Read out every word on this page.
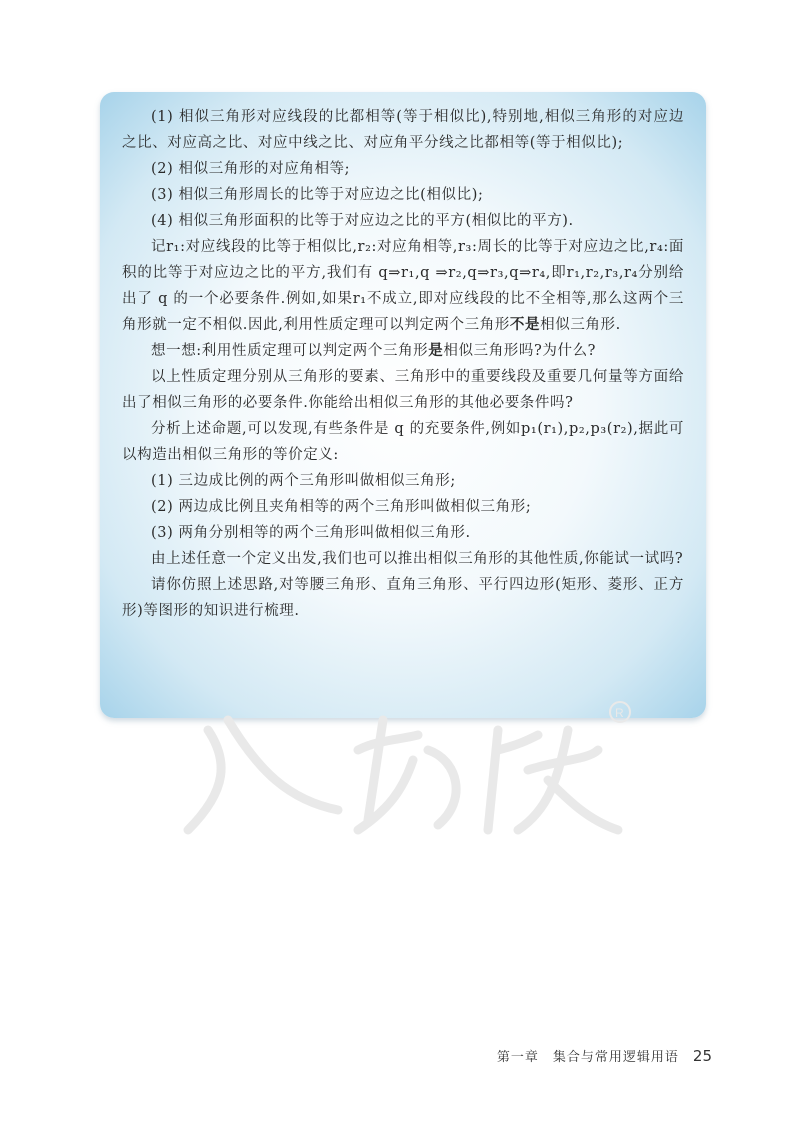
(1) 相似三角形对应线段的比都相等(等于相似比),特别地,相似三角形的对应边之比、对应高之比、对应中线之比、对应角平分线之比都相等(等于相似比);

(2) 相似三角形的对应角相等;

(3) 相似三角形周长的比等于对应边之比(相似比);

(4) 相似三角形面积的比等于对应边之比的平方(相似比的平方).

记r₁:对应线段的比等于相似比,r₂:对应角相等,r₃:周长的比等于对应边之比,r₄:面积的比等于对应边之比的平方,我们有 q⇒r₁,q ⇒r₂,q⇒r₃,q⇒r₄,即r₁,r₂,r₃,r₄分别给出了 q 的一个必要条件.例如,如果r₁不成立,即对应线段的比不全相等,那么这两个三角形就一定不相似.因此,利用性质定理可以判定两个三角形不是相似三角形.

想一想:利用性质定理可以判定两个三角形是相似三角形吗?为什么?

以上性质定理分别从三角形的要素、三角形中的重要线段及重要几何量等方面给出了相似三角形的必要条件.你能给出相似三角形的其他必要条件吗?

分析上述命题,可以发现,有些条件是 q 的充要条件,例如p₁(r₁),p₂,p₃(r₂),据此可以构造出相似三角形的等价定义:

(1) 三边成比例的两个三角形叫做相似三角形;

(2) 两边成比例且夹角相等的两个三角形叫做相似三角形;

(3) 两角分别相等的两个三角形叫做相似三角形.

由上述任意一个定义出发,我们也可以推出相似三角形的其他性质,你能试一试吗?

请你仿照上述思路,对等腰三角形、直角三角形、平行四边形(矩形、菱形、正方形)等图形的知识进行梳理.

R
第一章　集合与常用逻辑用语 25
